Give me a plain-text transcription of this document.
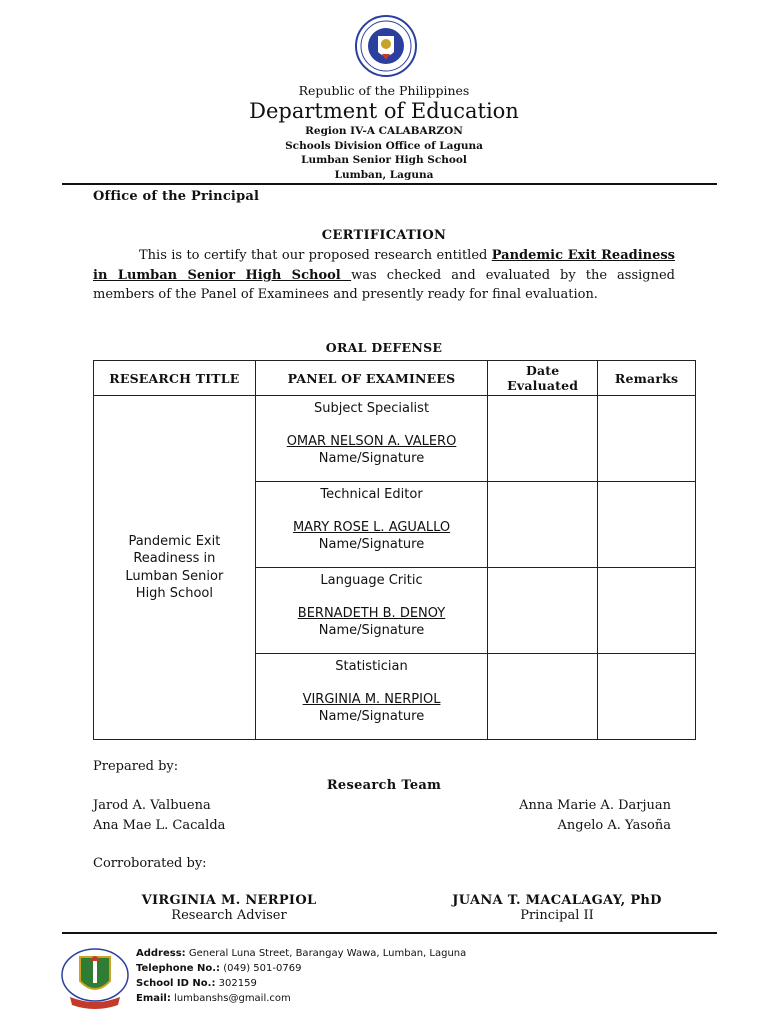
Republic of the Philippines
Department of Education
Region IV-A CALABARZON
Schools Division Office of Laguna
Lumban Senior High School
Lumban, Laguna
Office of the Principal
CERTIFICATION
This is to certify that our proposed research entitled Pandemic Exit Readiness in Lumban Senior High School was checked and evaluated by the assigned members of the Panel of Examinees and presently ready for final evaluation.
ORAL DEFENSE
RESEARCH TITLE	PANEL OF EXAMINEES	Date Evaluated	Remarks

Pandemic Exit Readiness in Lumban Senior High School	Subject Specialist
OMAR NELSON A. VALERO
Name/Signature		

	Technical Editor
MARY ROSE L. AGUALLO
Name/Signature		

	Language Critic
BERNADETH B. DENOY
Name/Signature		

	Statistician
VIRGINIA M. NERPIOL
Name/Signature		

Prepared by:
Research Team
Jarod A. Valbuena
Ana Mae L. Cacalda
Anna Marie A. Darjuan
Angelo A. Yasoña
Corroborated by:
VIRGINIA M. NERPIOL
Research Adviser
JUANA T. MACALAGAY, PhD
Principal II
Address: General Luna Street, Barangay Wawa, Lumban, Laguna
Telephone No.: (049) 501-0769
School ID No.: 302159
Email: lumbanshs@gmail.com
